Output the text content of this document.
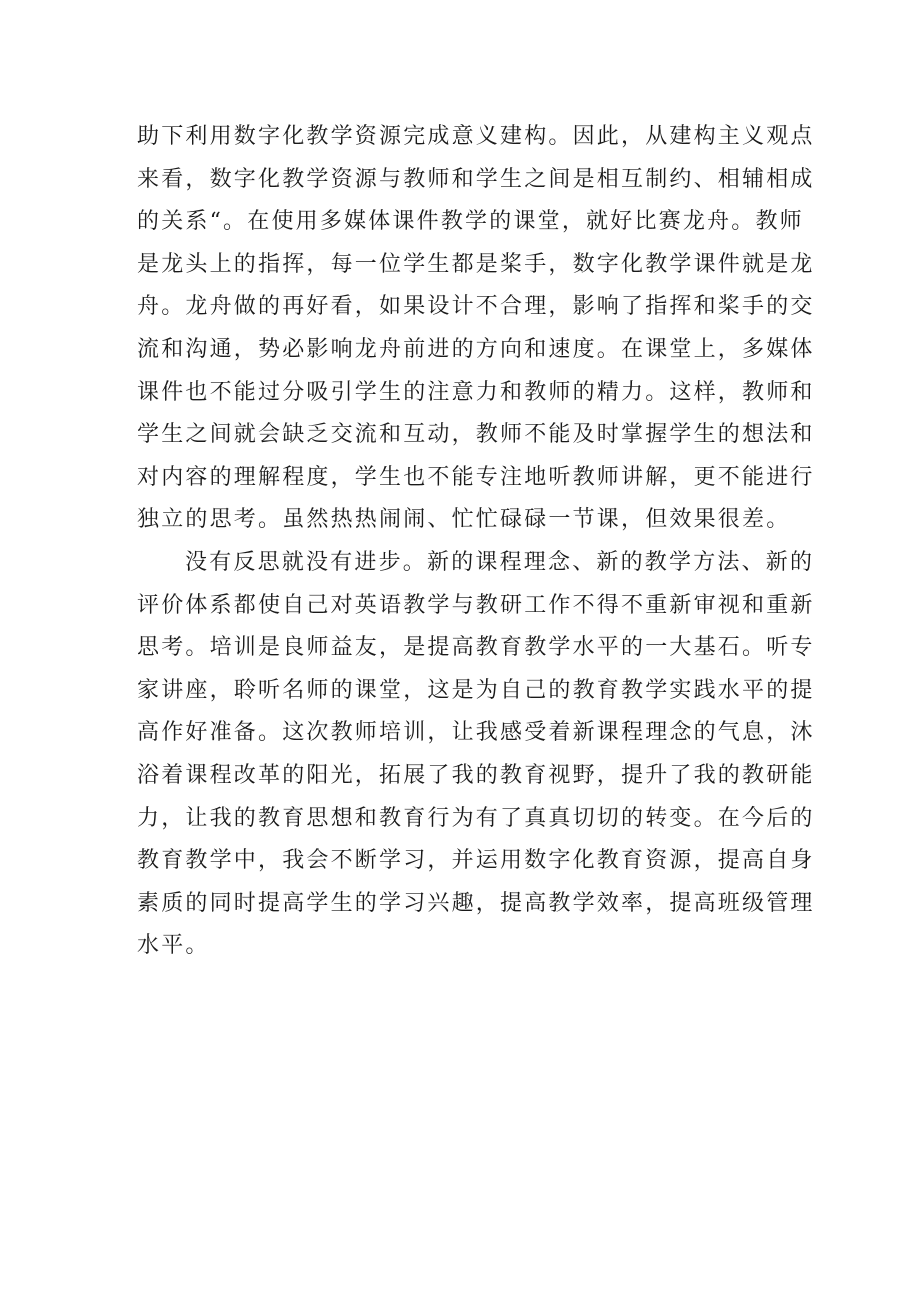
助下利用数字化教学资源完成意义建构。因此，从建构主义观点
来看，数字化教学资源与教师和学生之间是相互制约、相辅相成
的关系“。在使用多媒体课件教学的课堂，就好比赛龙舟。教师
是龙头上的指挥，每一位学生都是桨手，数字化教学课件就是龙
舟。龙舟做的再好看，如果设计不合理，影响了指挥和桨手的交
流和沟通，势必影响龙舟前进的方向和速度。在课堂上，多媒体
课件也不能过分吸引学生的注意力和教师的精力。这样，教师和
学生之间就会缺乏交流和互动，教师不能及时掌握学生的想法和
对内容的理解程度，学生也不能专注地听教师讲解，更不能进行
独立的思考。虽然热热闹闹、忙忙碌碌一节课，但效果很差。
没有反思就没有进步。新的课程理念、新的教学方法、新的
评价体系都使自己对英语教学与教研工作不得不重新审视和重新
思考。培训是良师益友，是提高教育教学水平的一大基石。听专
家讲座，聆听名师的课堂，这是为自己的教育教学实践水平的提
高作好准备。这次教师培训，让我感受着新课程理念的气息，沐
浴着课程改革的阳光，拓展了我的教育视野，提升了我的教研能
力，让我的教育思想和教育行为有了真真切切的转变。在今后的
教育教学中，我会不断学习，并运用数字化教育资源，提高自身
素质的同时提高学生的学习兴趣，提高教学效率，提高班级管理
水平。
